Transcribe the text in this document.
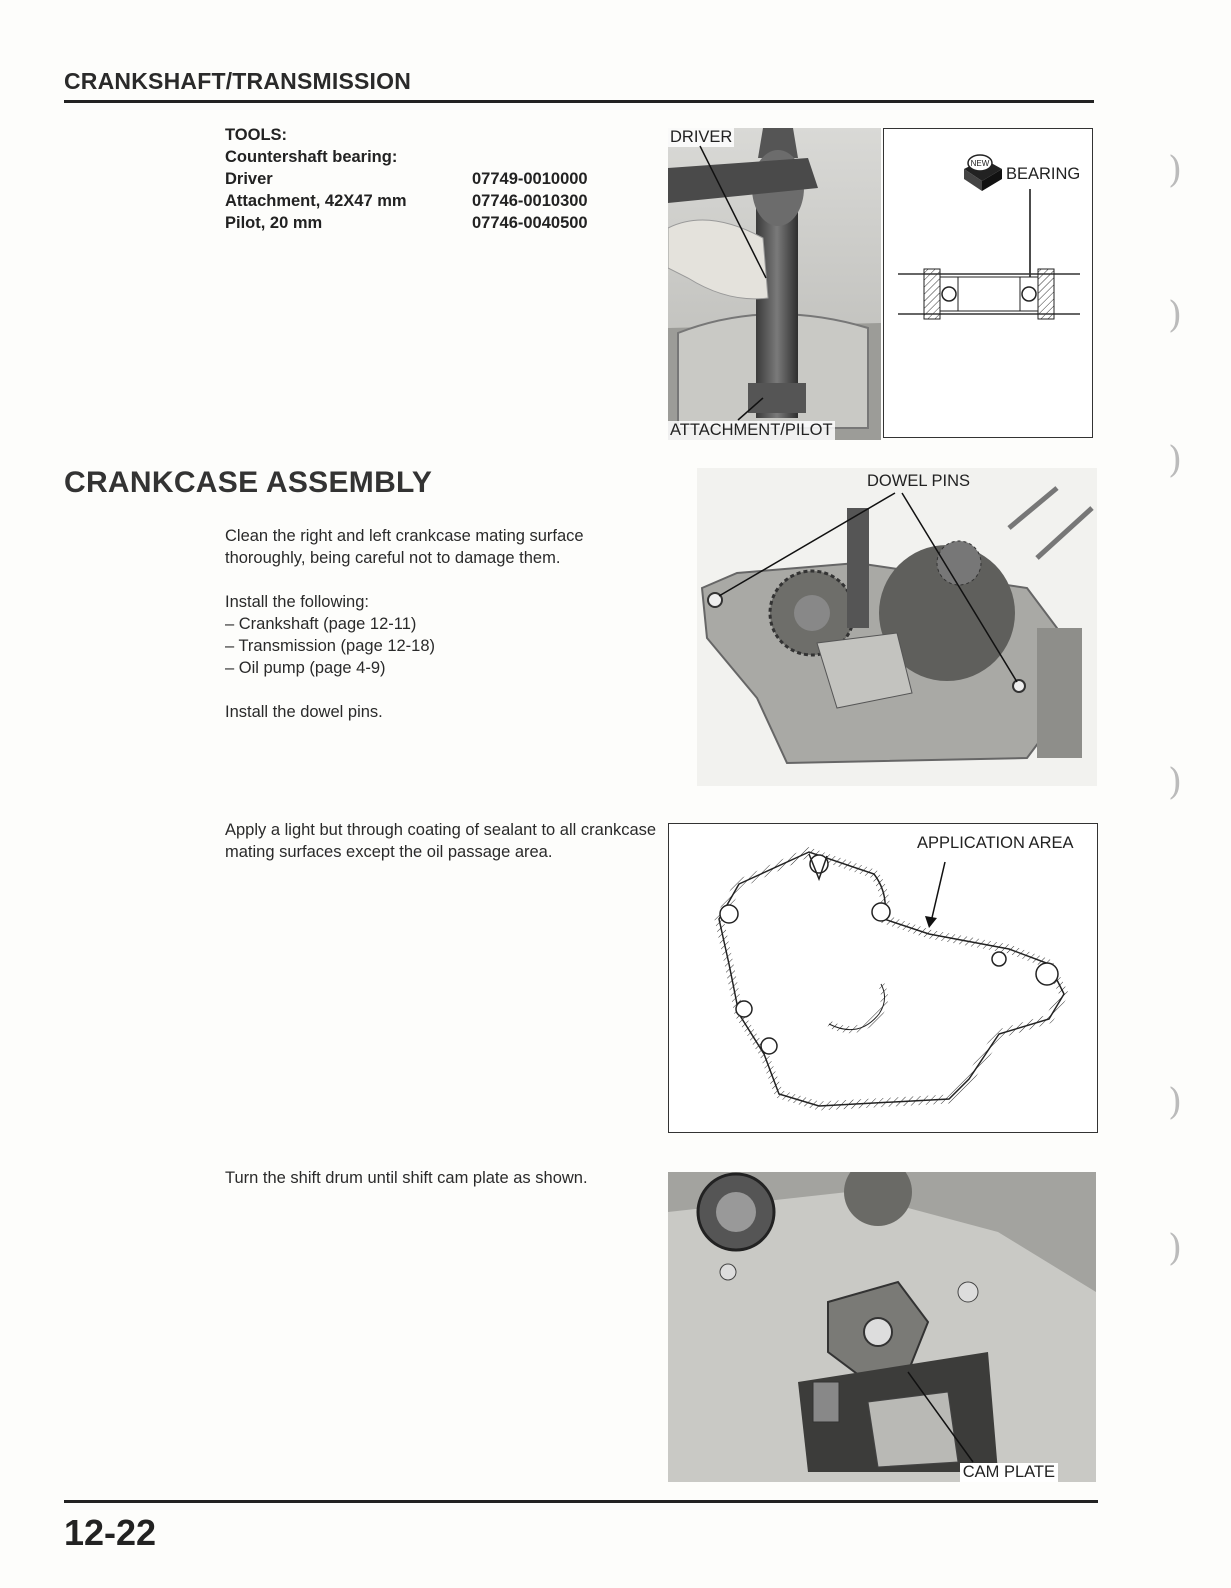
CRANKSHAFT/TRANSMISSION
TOOLS:
Countershaft bearing:
Driver	07749-0010000
Attachment, 42X47 mm	07746-0010300
Pilot, 20 mm	07746-0040500
DRIVER
ATTACHMENT/PILOT
NEW
BEARING
CRANKCASE ASSEMBLY
Clean the right and left crankcase mating surface thoroughly, being careful not to damage them.
Install the following:
– Crankshaft (page 12-11)
– Transmission (page 12-18)
– Oil pump (page 4-9)
Install the dowel pins.
Apply a light but through coating of sealant to all crankcase mating surfaces except the oil passage area.
Turn the shift drum until shift cam plate as shown.
DOWEL PINS
APPLICATION AREA
CAM PLATE
)
)
)
)
)
)
12-22
